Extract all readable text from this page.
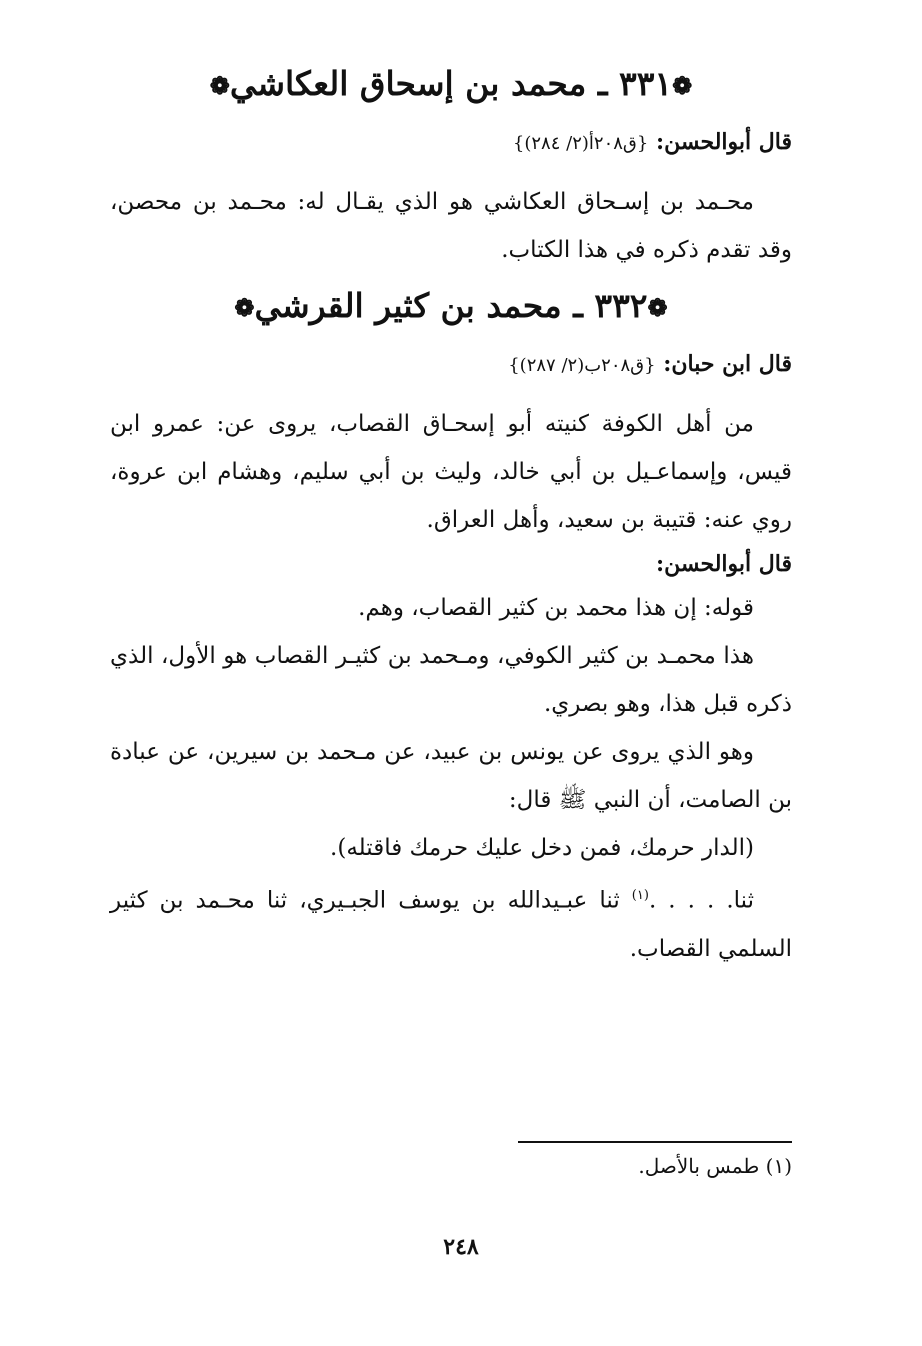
❁٣٣١ ـ محمد بن إسحاق العكاشي❁
قال أبوالحسن: {ق٢٠٨أ(٢/ ٢٨٤)}

محـمد بن إسـحاق العكاشي هو الذي يقـال له: محـمد بن محصن، وقد تقدم ذكره في هذا الكتاب.

❁٣٣٢ ـ محمد بن كثير القرشي❁
قال ابن حبان: {ق٢٠٨ب(٢/ ٢٨٧)}

من أهل الكوفة كنيته أبو إسحـاق القصاب، يروى عن: عمرو ابن قيس، وإسماعـيل بن أبي خالد، وليث بن أبي سليم، وهشام ابن عروة، روي عنه: قتيبة بن سعيد، وأهل العراق.

قال أبوالحسن:

قوله: إن هذا محمد بن كثير القصاب، وهم.

هذا محمـد بن كثير الكوفي، ومـحمد بن كثيـر القصاب هو الأول، الذي ذكره قبل هذا، وهو بصري.

وهو الذي يروى عن يونس بن عبيد، عن مـحمد بن سيرين، عن عبادة بن الصامت، أن النبي ﷺ قال:

(الدار حرمك، فمن دخل عليك حرمك فاقتله).

ثنا. . . . .$^{(١)}$ ثنا عبـيدالله بن يوسف الجبـيري، ثنا محـمد بن كثير السلمي القصاب.

(١) طمس بالأصل.
٢٤٨
